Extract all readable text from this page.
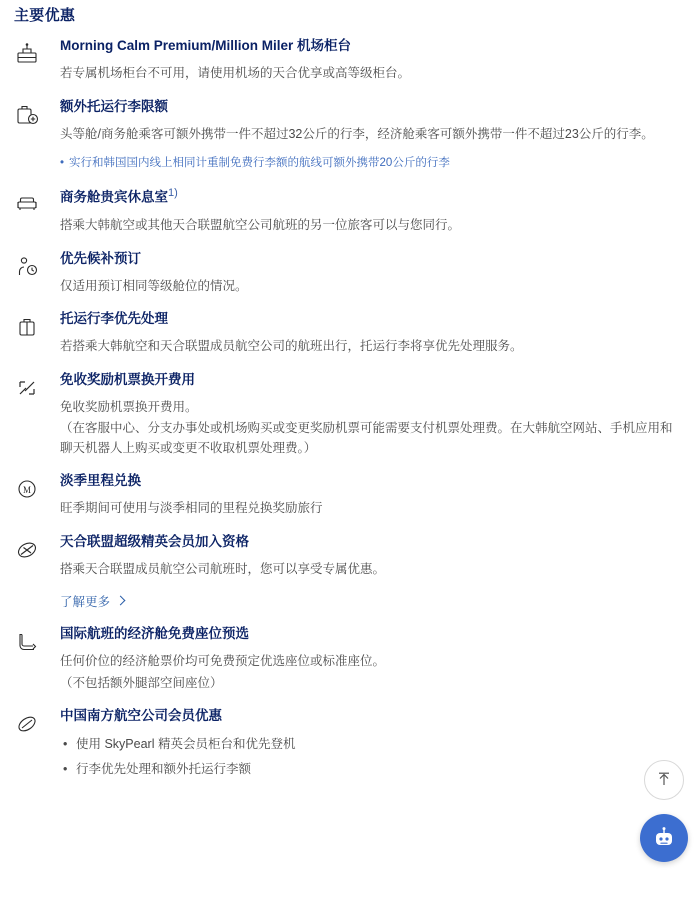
主要优惠
Morning Calm Premium/Million Miler 机场柜台
若专属机场柜台不可用，请使用机场的天合优享或高等级柜台。
额外托运行李限额
头等舱/商务舱乘客可额外携带一件不超过32公斤的行李，经济舱乘客可额外携带一件不超过23公斤的行李。
• 实行和韩国国内线上相同计重制免费行李额的航线可额外携带20公斤的行李
商务舱贵宾休息室$^{1)}$
搭乘大韩航空或其他天合联盟航空公司航班的另一位旅客可以与您同行。
优先候补预订
仅适用预订相同等级舱位的情况。
托运行李优先处理
若搭乘大韩航空和天合联盟成员航空公司的航班出行，托运行李将享优先处理服务。
免收奖励机票换开费用
免收奖励机票换开费用。
（在客服中心、分支办事处或机场购买或变更奖励机票可能需要支付机票处理费。在大韩航空网站、手机应用和聊天机器人上购买或变更不收取机票处理费。）
M
淡季里程兑换
旺季期间可使用与淡季相同的里程兑换奖励旅行
天合联盟超级精英会员加入资格
搭乘天合联盟成员航空公司航班时，您可以享受专属优惠。
了解更多
国际航班的经济舱免费座位预选
任何价位的经济舱票价均可免费预定优选座位或标准座位。
（不包括额外腿部空间座位）
中国南方航空公司会员优惠
• 使用 SkyPearl 精英会员柜台和优先登机
• 行李优先处理和额外托运行李额
